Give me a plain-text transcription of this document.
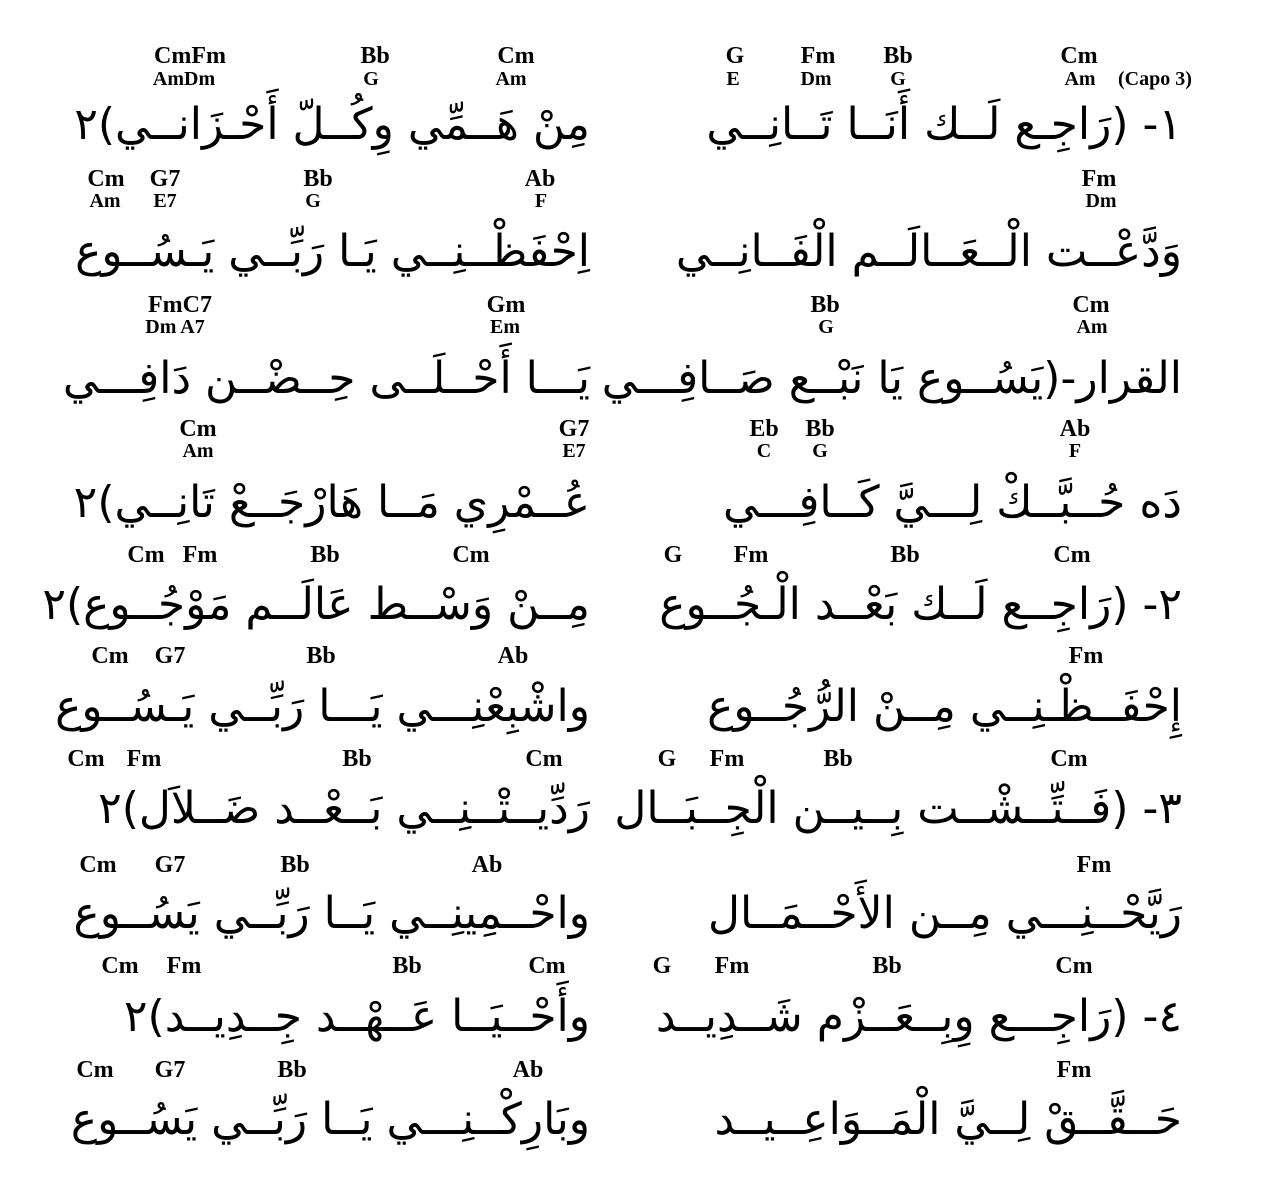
(Capo 3)
CmFm	Bb	Cm	G Fm Bb	Cm
AmDm	G	Am	E	Dm	G	Am
مِنْ هَــمِّي وِكُــلّ أَحْـزَانــي)٢	١- (رَاجِـع لَــك أَنَــا تَــانِــي
Cm G7	Bb	Ab	Fm
Am E7	G	F	Dm
اِحْفَظْــنِــي يَـا رَبِّــي يَـسُــوع	وَدَّعْــت الْــعَــالَــم الْفَــانِــي
FmC7	Gm	Bb	Cm
Dm A7	Em	G	Am
يَـــا أَحْــلَــى حِــضْــن دَافِـــي القرار-(يَسُــوع يَا نَبْــع صَــافِـــي
Cm	G7	Eb Bb	Ab
Am	E7	C G	F
عُــمْرِي مَــا هَارْجَــعْ تَانِــي)٢	دَه حُــبَّــكْ لِـــيَّ كَــافِـــي
Cm Fm	Bb	Cm	G Fm	Bb	Cm
مِــنْ وَسْــط عَالَــم مَوْجُــوع)٢ ٢- (رَاجِــع لَــك بَعْــد الْـجُــوع
Cm G7	Bb	Ab	Fm
واشْبِعْنِـــي يَـــا رَبِّــي يَـسُــوع	إِحْفَــظْـنِــي مِــنْ الرُّجُــوع
Cm Fm	Bb	Cm	G Fm	Bb	Cm
رَدِّيــتْــنِــي بَــعْــد ضَــلاَل)٢ ٣- (فَــتِّــشْــت بِــيــن الْجِــبَــال
Cm G7	Bb	Ab	Fm
واحْــمِينِــي يَــا رَبِّــي يَسُــوع	رَيَّحْــنِـــي مِــن الأَحْــمَــال
Cm Fm	Bb	Cm	G Fm	Bb	Cm
وأَحْــيَــا عَــهْــد جِــدِيــد)٢ ٤- (رَاجِـــع وِبِــعَــزْم شَــدِيــد
Cm G7	Bb	Ab	Fm
وبَارِكْــنِـــي يَــا رَبِّــي يَسُــوع	حَــقَّــقْ لِــيَّ الْمَــوَاعِــيــد
